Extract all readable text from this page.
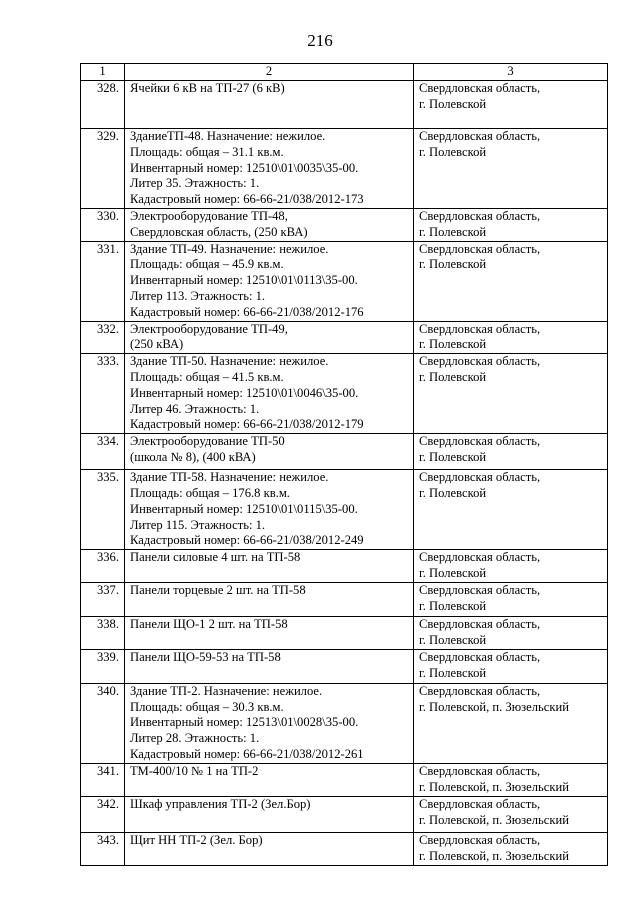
216
1	2	3
328.	Ячейки 6 кВ на ТП-27 (6 кВ)	Свердловская область,
г. Полевской

329.	ЗданиеТП-48. Назначение: нежилое.
Площадь: общая – 31.1 кв.м.
Инвентарный номер: 12510\01\0035\35-00.
Литер 35. Этажность: 1.
Кадастровый номер: 66-66-21/038/2012-173	Свердловская область,
г. Полевской

330.	Электрооборудование ТП-48,
Свердловская область, (250 кВА)	Свердловская область,
г. Полевской

331.	Здание ТП-49. Назначение: нежилое.
Площадь: общая – 45.9 кв.м.
Инвентарный номер: 12510\01\0113\35-00.
Литер 113. Этажность: 1.
Кадастровый номер: 66-66-21/038/2012-176	Свердловская область,
г. Полевской

332.	Электрооборудование ТП-49,
(250 кВА)	Свердловская область,
г. Полевской

333.	Здание ТП-50. Назначение: нежилое.
Площадь: общая – 41.5 кв.м.
Инвентарный номер: 12510\01\0046\35-00.
Литер 46. Этажность: 1.
Кадастровый номер: 66-66-21/038/2012-179	Свердловская область,
г. Полевской

334.	Электрооборудование ТП-50
(школа № 8), (400 кВА)	Свердловская область,
г. Полевской

335.	Здание ТП-58. Назначение: нежилое.
Площадь: общая – 176.8 кв.м.
Инвентарный номер: 12510\01\0115\35-00.
Литер 115. Этажность: 1.
Кадастровый номер: 66-66-21/038/2012-249	Свердловская область,
г. Полевской

336.	Панели силовые 4 шт. на ТП-58	Свердловская область,
г. Полевской

337.	Панели торцевые 2 шт. на ТП-58	Свердловская область,
г. Полевской

338.	Панели ЩО-1 2 шт. на ТП-58	Свердловская область,
г. Полевской

339.	Панели ЩО-59-53 на ТП-58	Свердловская область,
г. Полевской

340.	Здание ТП-2. Назначение: нежилое.
Площадь: общая – 30.3 кв.м.
Инвентарный номер: 12513\01\0028\35-00.
Литер 28. Этажность: 1.
Кадастровый номер: 66-66-21/038/2012-261	Свердловская область,
г. Полевской, п. Зюзельский

341.	ТМ-400/10 № 1 на ТП-2	Свердловская область,
г. Полевской, п. Зюзельский

342.	Шкаф управления ТП-2 (Зел.Бор)	Свердловская область,
г. Полевской, п. Зюзельский

343.	Щит НН ТП-2 (Зел. Бор)	Свердловская область,
г. Полевской, п. Зюзельский
